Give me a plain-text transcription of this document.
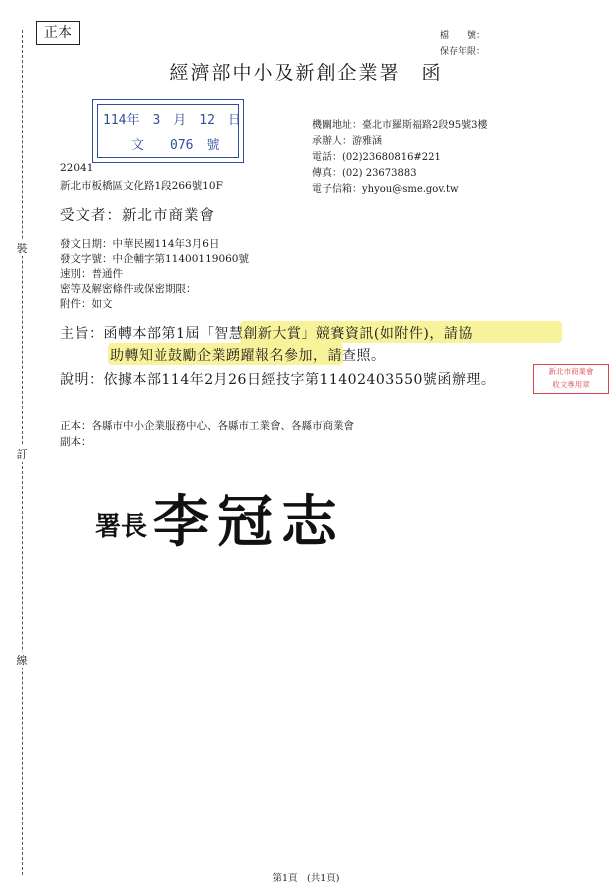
裝
訂
線
正本	檔　　號：
保存年限：
經濟部中小及新創企業署　函
114年　3　月　12　日
文　　076　號
機關地址：臺北市羅斯福路2段95號3樓
承辦人：游雅涵
電話：(02)23680816#221
傳真：(02) 23673883
電子信箱：yhyou@sme.gov.tw
22041
新北市板橋區文化路1段266號10F
受文者：新北市商業會
發文日期：中華民國114年3月6日
發文字號：中企輔字第11400119060號
速別：普通件
密等及解密條件或保密期限：
附件：如文
主旨：函轉本部第1屆「智慧創新大賞」競賽資訊(如附件)，請協
助轉知並鼓勵企業踴躍報名參加，請查照。
說明：依據本部114年2月26日經技字第11402403550號函辦理。
新北市商業會
收文專用章
正本：各縣市中小企業服務中心、各縣市工業會、各縣市商業會
副本：
署長 李冠志
第1頁　(共1頁)
